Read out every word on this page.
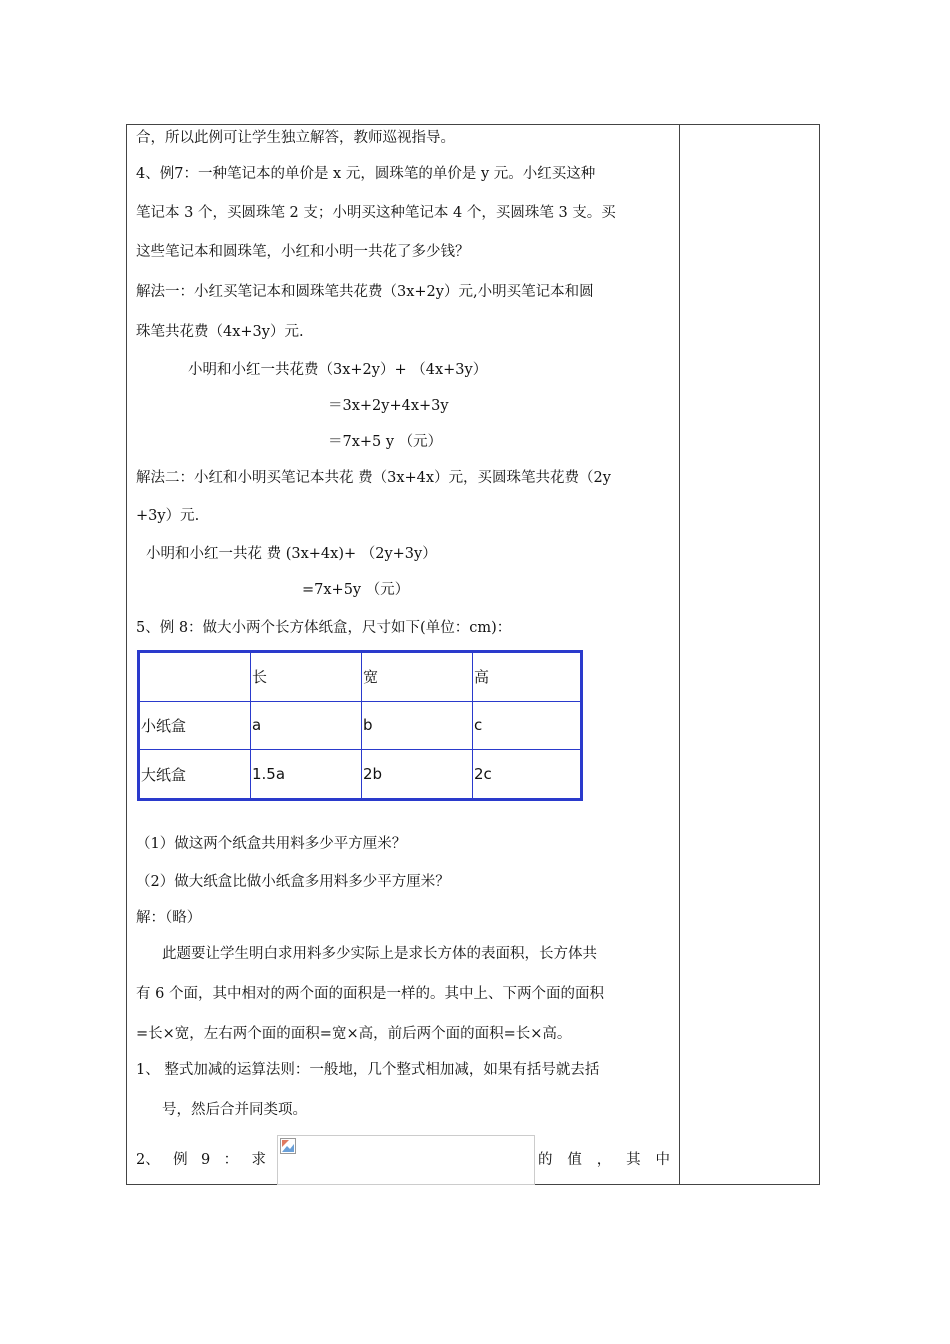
合，所以此例可让学生独立解答，教师巡视指导。
4、例7：一种笔记本的单价是 x 元，圆珠笔的单价是 y 元。小红买这种
笔记本 3 个，买圆珠笔 2 支；小明买这种笔记本 4 个，买圆珠笔 3 支。买
这些笔记本和圆珠笔，小红和小明一共花了多少钱？
解法一：小红买笔记本和圆珠笔共花费（3x+2y）元,小明买笔记本和圆
珠笔共花费（4x+3y）元.
小明和小红一共花费（3x+2y）+ （4x+3y）
＝3x+2y+4x+3y
＝7x+5 y （元）
解法二：小红和小明买笔记本共花 费（3x+4x）元，买圆珠笔共花费（2y
+3y）元.
小明和小红一共花 费 (3x+4x)+ （2y+3y）
=7x+5y （元）
5、例 8：做大小两个长方体纸盒，尺寸如下(单位：cm)：
	长	宽	高
小纸盒	a	b	c
大纸盒	1.5a	2b	2c
（1）做这两个纸盒共用料多少平方厘米？
（2）做大纸盒比做小纸盒多用料多少平方厘米？
解：（略）
此题要让学生明白求用料多少实际上是求长方体的表面积，长方体共
有 6 个面，其中相对的两个面的面积是一样的。其中上、下两个面的面积
=长×宽，左右两个面的面积=宽×高，前后两个面的面积=长×高。
1、 整式加减的运算法则：一般地，几个整式相加减，如果有括号就去括
号，然后合并同类项。
2、 例 9 ： 求	的 值 ， 其 中
